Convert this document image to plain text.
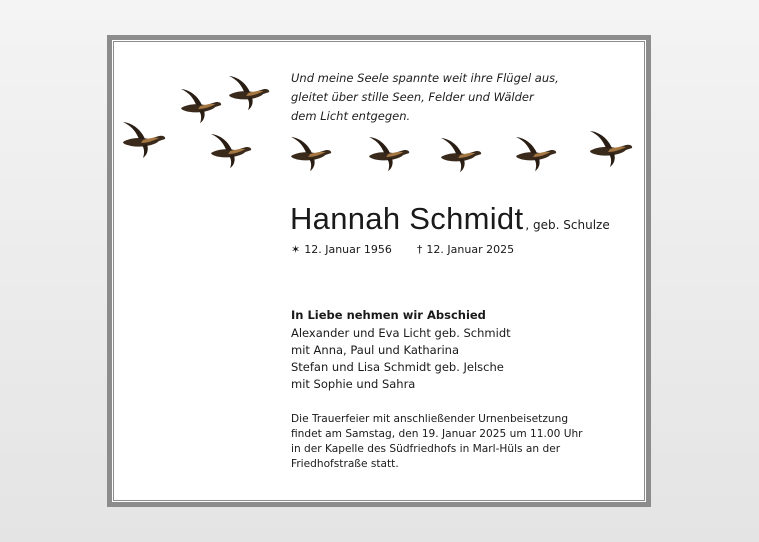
Und meine Seele spannte weit ihre Flügel aus,
gleitet über stille Seen, Felder und Wälder
dem Licht entgegen.
Hannah Schmidt , geb. Schulze
✶ 12. Januar 1956 † 12. Januar 2025
In Liebe nehmen wir Abschied
Alexander und Eva Licht geb. Schmidt
mit Anna, Paul und Katharina
Stefan und Lisa Schmidt geb. Jelsche
mit Sophie und Sahra
Die Trauerfeier mit anschließender Urnenbeisetzung
findet am Samstag, den 19. Januar 2025 um 11.00 Uhr
in der Kapelle des Südfriedhofs in Marl-Hüls an der
Friedhofstraße statt.
